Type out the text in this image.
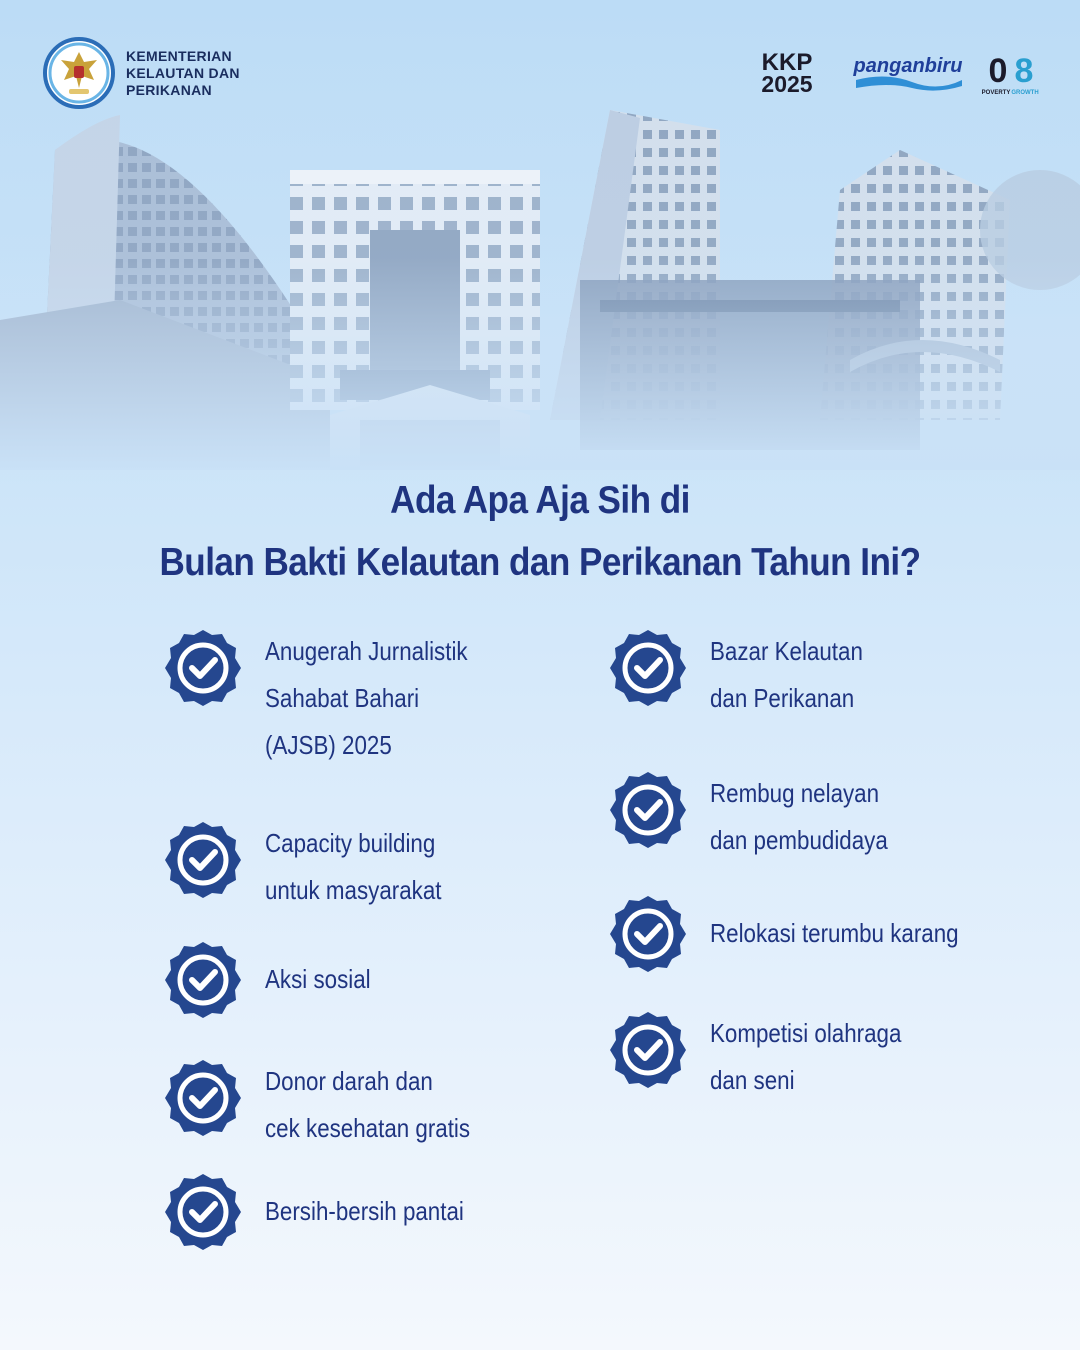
KEMENTERIAN
KELAUTAN DAN
PERIKANAN
KKP
2025
panganbiru 0 8
POVERTY GROWTH
Ada Apa Aja Sih di
Bulan Bakti Kelautan dan Perikanan Tahun Ini?
Anugerah Jurnalistik
Sahabat Bahari
(AJSB) 2025
Capacity building
untuk masyarakat
Aksi sosial
Donor darah dan
cek kesehatan gratis
Bersih-bersih pantai
Bazar Kelautan
dan Perikanan
Rembug nelayan
dan pembudidaya
Relokasi terumbu karang
Kompetisi olahraga
dan seni
